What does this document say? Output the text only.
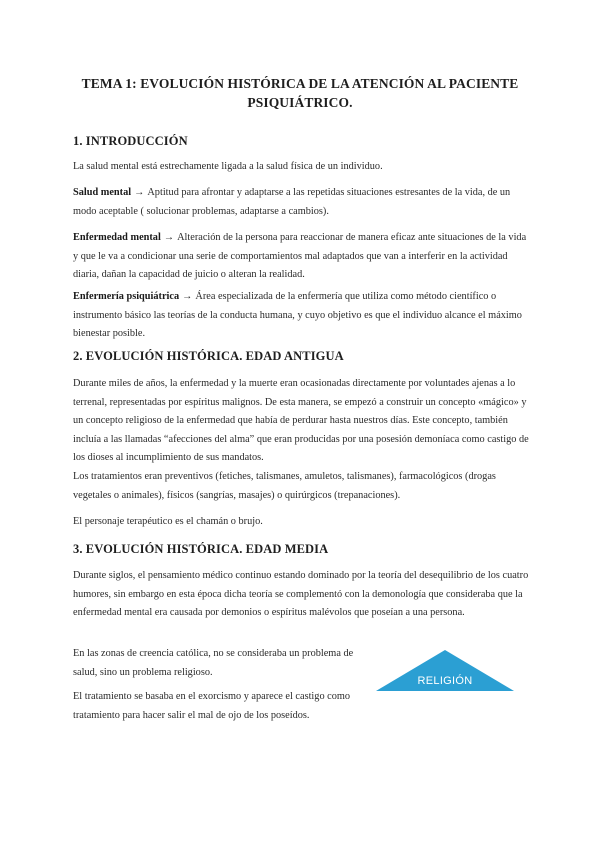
TEMA 1: EVOLUCIÓN HISTÓRICA DE LA ATENCIÓN AL PACIENTE
PSIQUIÁTRICO.
1. INTRODUCCIÓN
La salud mental está estrechamente ligada a la salud física de un individuo.
Salud mental → Aptitud para afrontar y adaptarse a las repetidas situaciones estresantes de la vida, de un modo aceptable ( solucionar problemas, adaptarse a cambios).
Enfermedad mental → Alteración de la persona para reaccionar de manera eficaz ante situaciones de la vida y que le va a condicionar una serie de comportamientos mal adaptados que van a interferir en la actividad diaria, dañan la capacidad de juicio o alteran la realidad.
Enfermería psiquiátrica → Área especializada de la enfermería que utiliza como método científico o instrumento básico las teorías de la conducta humana, y cuyo objetivo es que el individuo alcance el máximo bienestar posible.
2. EVOLUCIÓN HISTÓRICA. EDAD ANTIGUA
Durante miles de años, la enfermedad y la muerte eran ocasionadas directamente por voluntades ajenas a lo terrenal, representadas por espíritus malignos. De esta manera, se empezó a construir un concepto «mágico» y un concepto religioso de la enfermedad que había de perdurar hasta nuestros días. Este concepto, también incluía a las llamadas “afecciones del alma” que eran producidas por una posesión demoníaca como castigo de los dioses al incumplimiento de sus mandatos.
Los tratamientos eran preventivos (fetiches, talismanes, amuletos, talismanes), farmacológicos (drogas vegetales o animales), físicos (sangrías, masajes) o quirúrgicos (trepanaciones).
El personaje terapéutico es el chamán o brujo.
3. EVOLUCIÓN HISTÓRICA. EDAD MEDIA
Durante siglos, el pensamiento médico continuo estando dominado por la teoría del desequilibrio de los cuatro humores, sin embargo en esta época dicha teoría se complementó con la demonología que consideraba que la enfermedad mental era causada por demonios o espíritus malévolos que poseían a una persona.
En las zonas de creencia católica, no se consideraba un problema de salud, sino un problema religioso.
El tratamiento se basaba en el exorcismo y aparece el castigo como tratamiento para hacer salir el mal de ojo de los poseídos.
RELIGIÓN
